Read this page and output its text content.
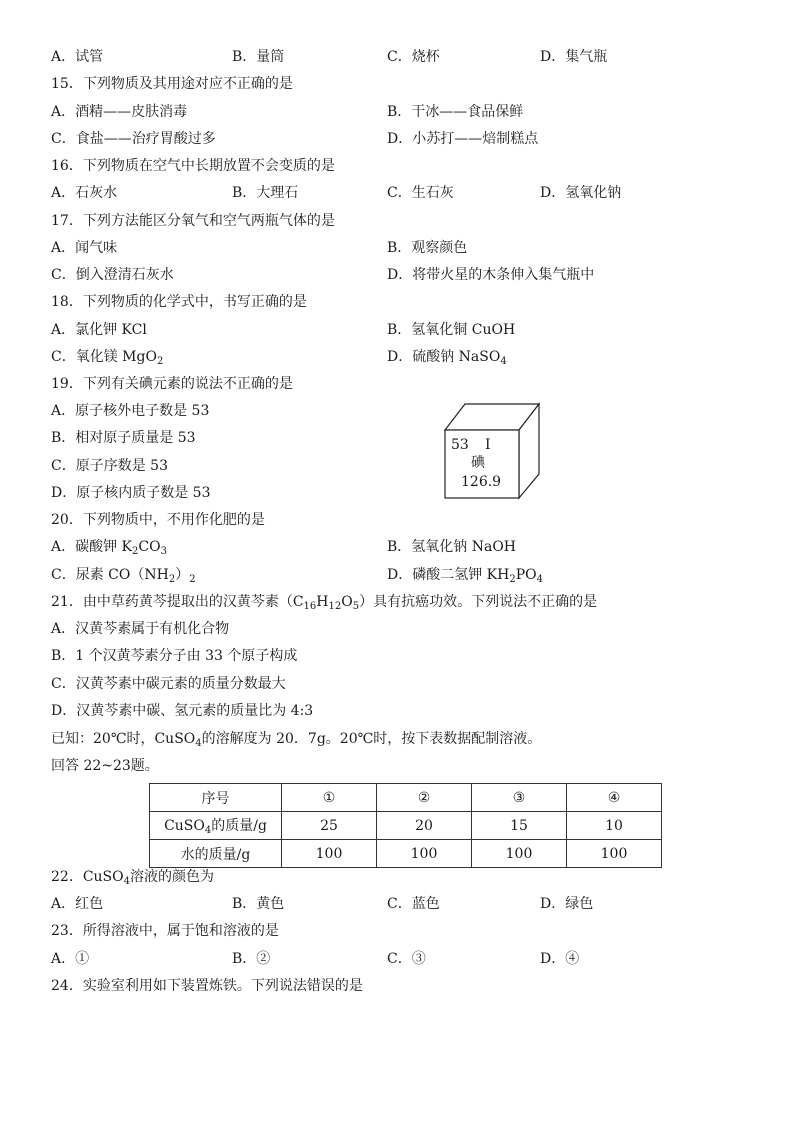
A．试管	B．量筒	C．烧杯	D．集气瓶
15．下列物质及其用途对应不正确的是
A．酒精——皮肤消毒	B．干冰——食品保鲜
C．食盐——治疗胃酸过多	D．小苏打——焙制糕点
16．下列物质在空气中长期放置不会变质的是
A．石灰水	B．大理石	C．生石灰	D．氢氧化钠
17．下列方法能区分氧气和空气两瓶气体的是
A．闻气味	B．观察颜色
C．倒入澄清石灰水	D．将带火星的木条伸入集气瓶中
18．下列物质的化学式中，书写正确的是
A．氯化钾 KCl	B．氢氧化铜 CuOH
C．氧化镁 MgO$_2$	D．硫酸钠 NaSO$_4$
19．下列有关碘元素的说法不正确的是
A．原子核外电子数是 53
B．相对原子质量是 53
C．原子序数是 53
D．原子核内质子数是 53
53 I
碘
126.9
20．下列物质中，不用作化肥的是
A．碳酸钾 $K_2CO_3$	B．氢氧化钠 NaOH
C．尿素 $CO(NH_2)_2$	D．磷酸二氢钾 $KH_2PO_4$
21．由中草药黄芩提取出的汉黄芩素$(C_{16}H_{12}O_5)$具有抗癌功效。下列说法不正确的是
A．汉黄芩素属于有机化合物
B．1 个汉黄芩素分子由 33 个原子构成
C．汉黄芩素中碳元素的质量分数最大
D．汉黄芩素中碳、氢元素的质量比为 4:3
已知：20℃时，CuSO$_4$的溶解度为 20．7g。20℃时，按下表数据配制溶液。
回答 22~23题。
序号	①	②	③	④
CuSO$_4$的质量/g	25	20	15	10
水的质量/g	100	100	100	100
22．CuSO$_4$溶液的颜色为
A．红色	B．黄色	C．蓝色	D．绿色
23．所得溶液中，属于饱和溶液的是
A．①	B．②	C．③	D．④
24．实验室利用如下装置炼铁。下列说法错误的是
